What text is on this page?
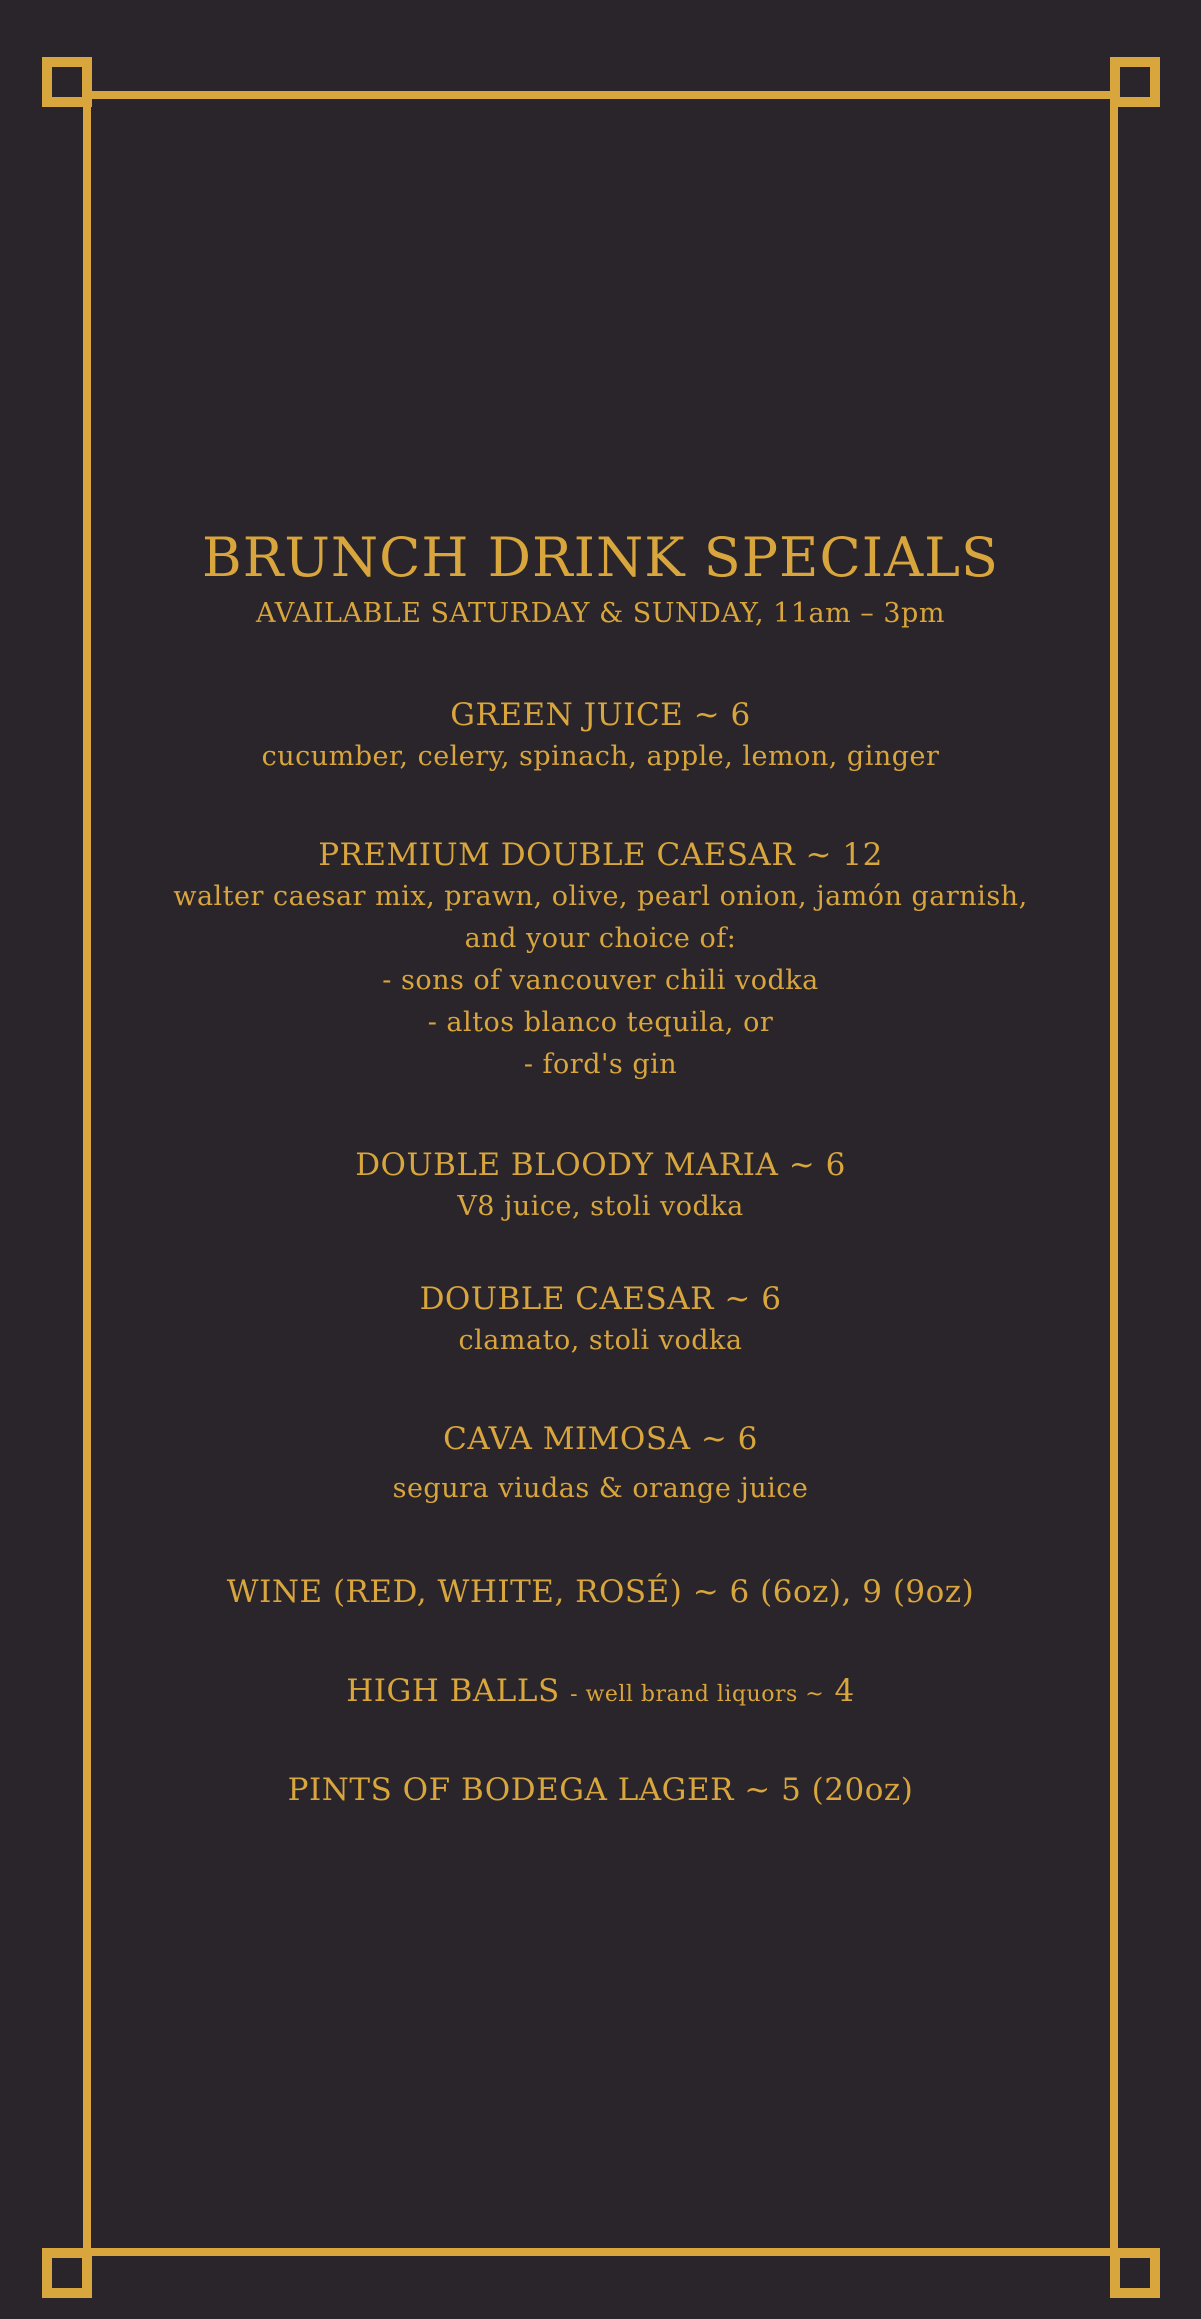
BRUNCH DRINK SPECIALS
AVAILABLE SATURDAY & SUNDAY, 11am – 3pm
GREEN JUICE ~ 6
cucumber, celery, spinach, apple, lemon, ginger
PREMIUM DOUBLE CAESAR ~ 12
walter caesar mix, prawn, olive, pearl onion, jamón garnish,
and your choice of:
- sons of vancouver chili vodka
- altos blanco tequila, or
- ford's gin
DOUBLE BLOODY MARIA ~ 6
V8 juice, stoli vodka
DOUBLE CAESAR ~ 6
clamato, stoli vodka
CAVA MIMOSA ~ 6
segura viudas & orange juice
WINE (RED, WHITE, ROSÉ) ~ 6 (6oz), 9 (9oz)
HIGH BALLS - well brand liquors ~ 4
PINTS OF BODEGA LAGER ~ 5 (20oz)
